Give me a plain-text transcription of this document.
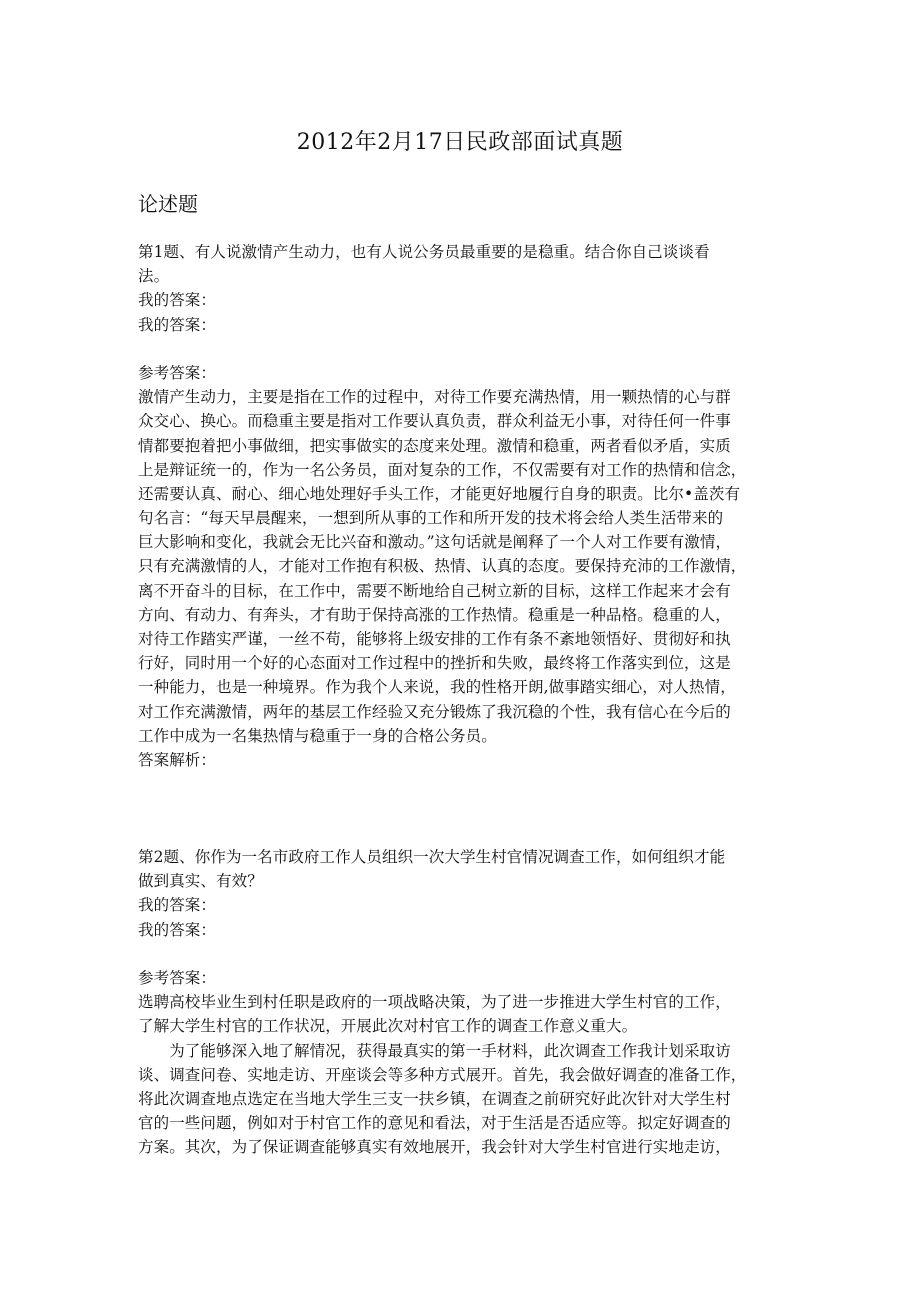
2012年2月17日民政部面试真题
论述题
第1题、有人说激情产生动力，也有人说公务员最重要的是稳重。结合你自己谈谈看
法。
我的答案：
我的答案：
参考答案：
激情产生动力，主要是指在工作的过程中，对待工作要充满热情，用一颗热情的心与群
众交心、换心。而稳重主要是指对工作要认真负责，群众利益无小事，对待任何一件事
情都要抱着把小事做细，把实事做实的态度来处理。激情和稳重，两者看似矛盾，实质
上是辩证统一的，作为一名公务员，面对复杂的工作，不仅需要有对工作的热情和信念，
还需要认真、耐心、细心地处理好手头工作，才能更好地履行自身的职责。比尔•盖茨有
句名言：“每天早晨醒来，一想到所从事的工作和所开发的技术将会给人类生活带来的
巨大影响和变化，我就会无比兴奋和激动。”这句话就是阐释了一个人对工作要有激情，
只有充满激情的人，才能对工作抱有积极、热情、认真的态度。要保持充沛的工作激情，
离不开奋斗的目标，在工作中，需要不断地给自己树立新的目标，这样工作起来才会有
方向、有动力、有奔头，才有助于保持高涨的工作热情。稳重是一种品格。稳重的人，
对待工作踏实严谨，一丝不苟，能够将上级安排的工作有条不紊地领悟好、贯彻好和执
行好，同时用一个好的心态面对工作过程中的挫折和失败，最终将工作落实到位，这是
一种能力，也是一种境界。作为我个人来说，我的性格开朗,做事踏实细心，对人热情，
对工作充满激情，两年的基层工作经验又充分锻炼了我沉稳的个性，我有信心在今后的
工作中成为一名集热情与稳重于一身的合格公务员。
答案解析：
第2题、你作为一名市政府工作人员组织一次大学生村官情况调查工作，如何组织才能
做到真实、有效？
我的答案：
我的答案：
参考答案：
选聘高校毕业生到村任职是政府的一项战略决策，为了进一步推进大学生村官的工作，
了解大学生村官的工作状况，开展此次对村官工作的调查工作意义重大。
　　为了能够深入地了解情况，获得最真实的第一手材料，此次调查工作我计划采取访
谈、调查问卷、实地走访、开座谈会等多种方式展开。首先，我会做好调查的准备工作，
将此次调查地点选定在当地大学生三支一扶乡镇，在调查之前研究好此次针对大学生村
官的一些问题，例如对于村官工作的意见和看法，对于生活是否适应等。拟定好调查的
方案。其次，为了保证调查能够真实有效地展开，我会针对大学生村官进行实地走访，
